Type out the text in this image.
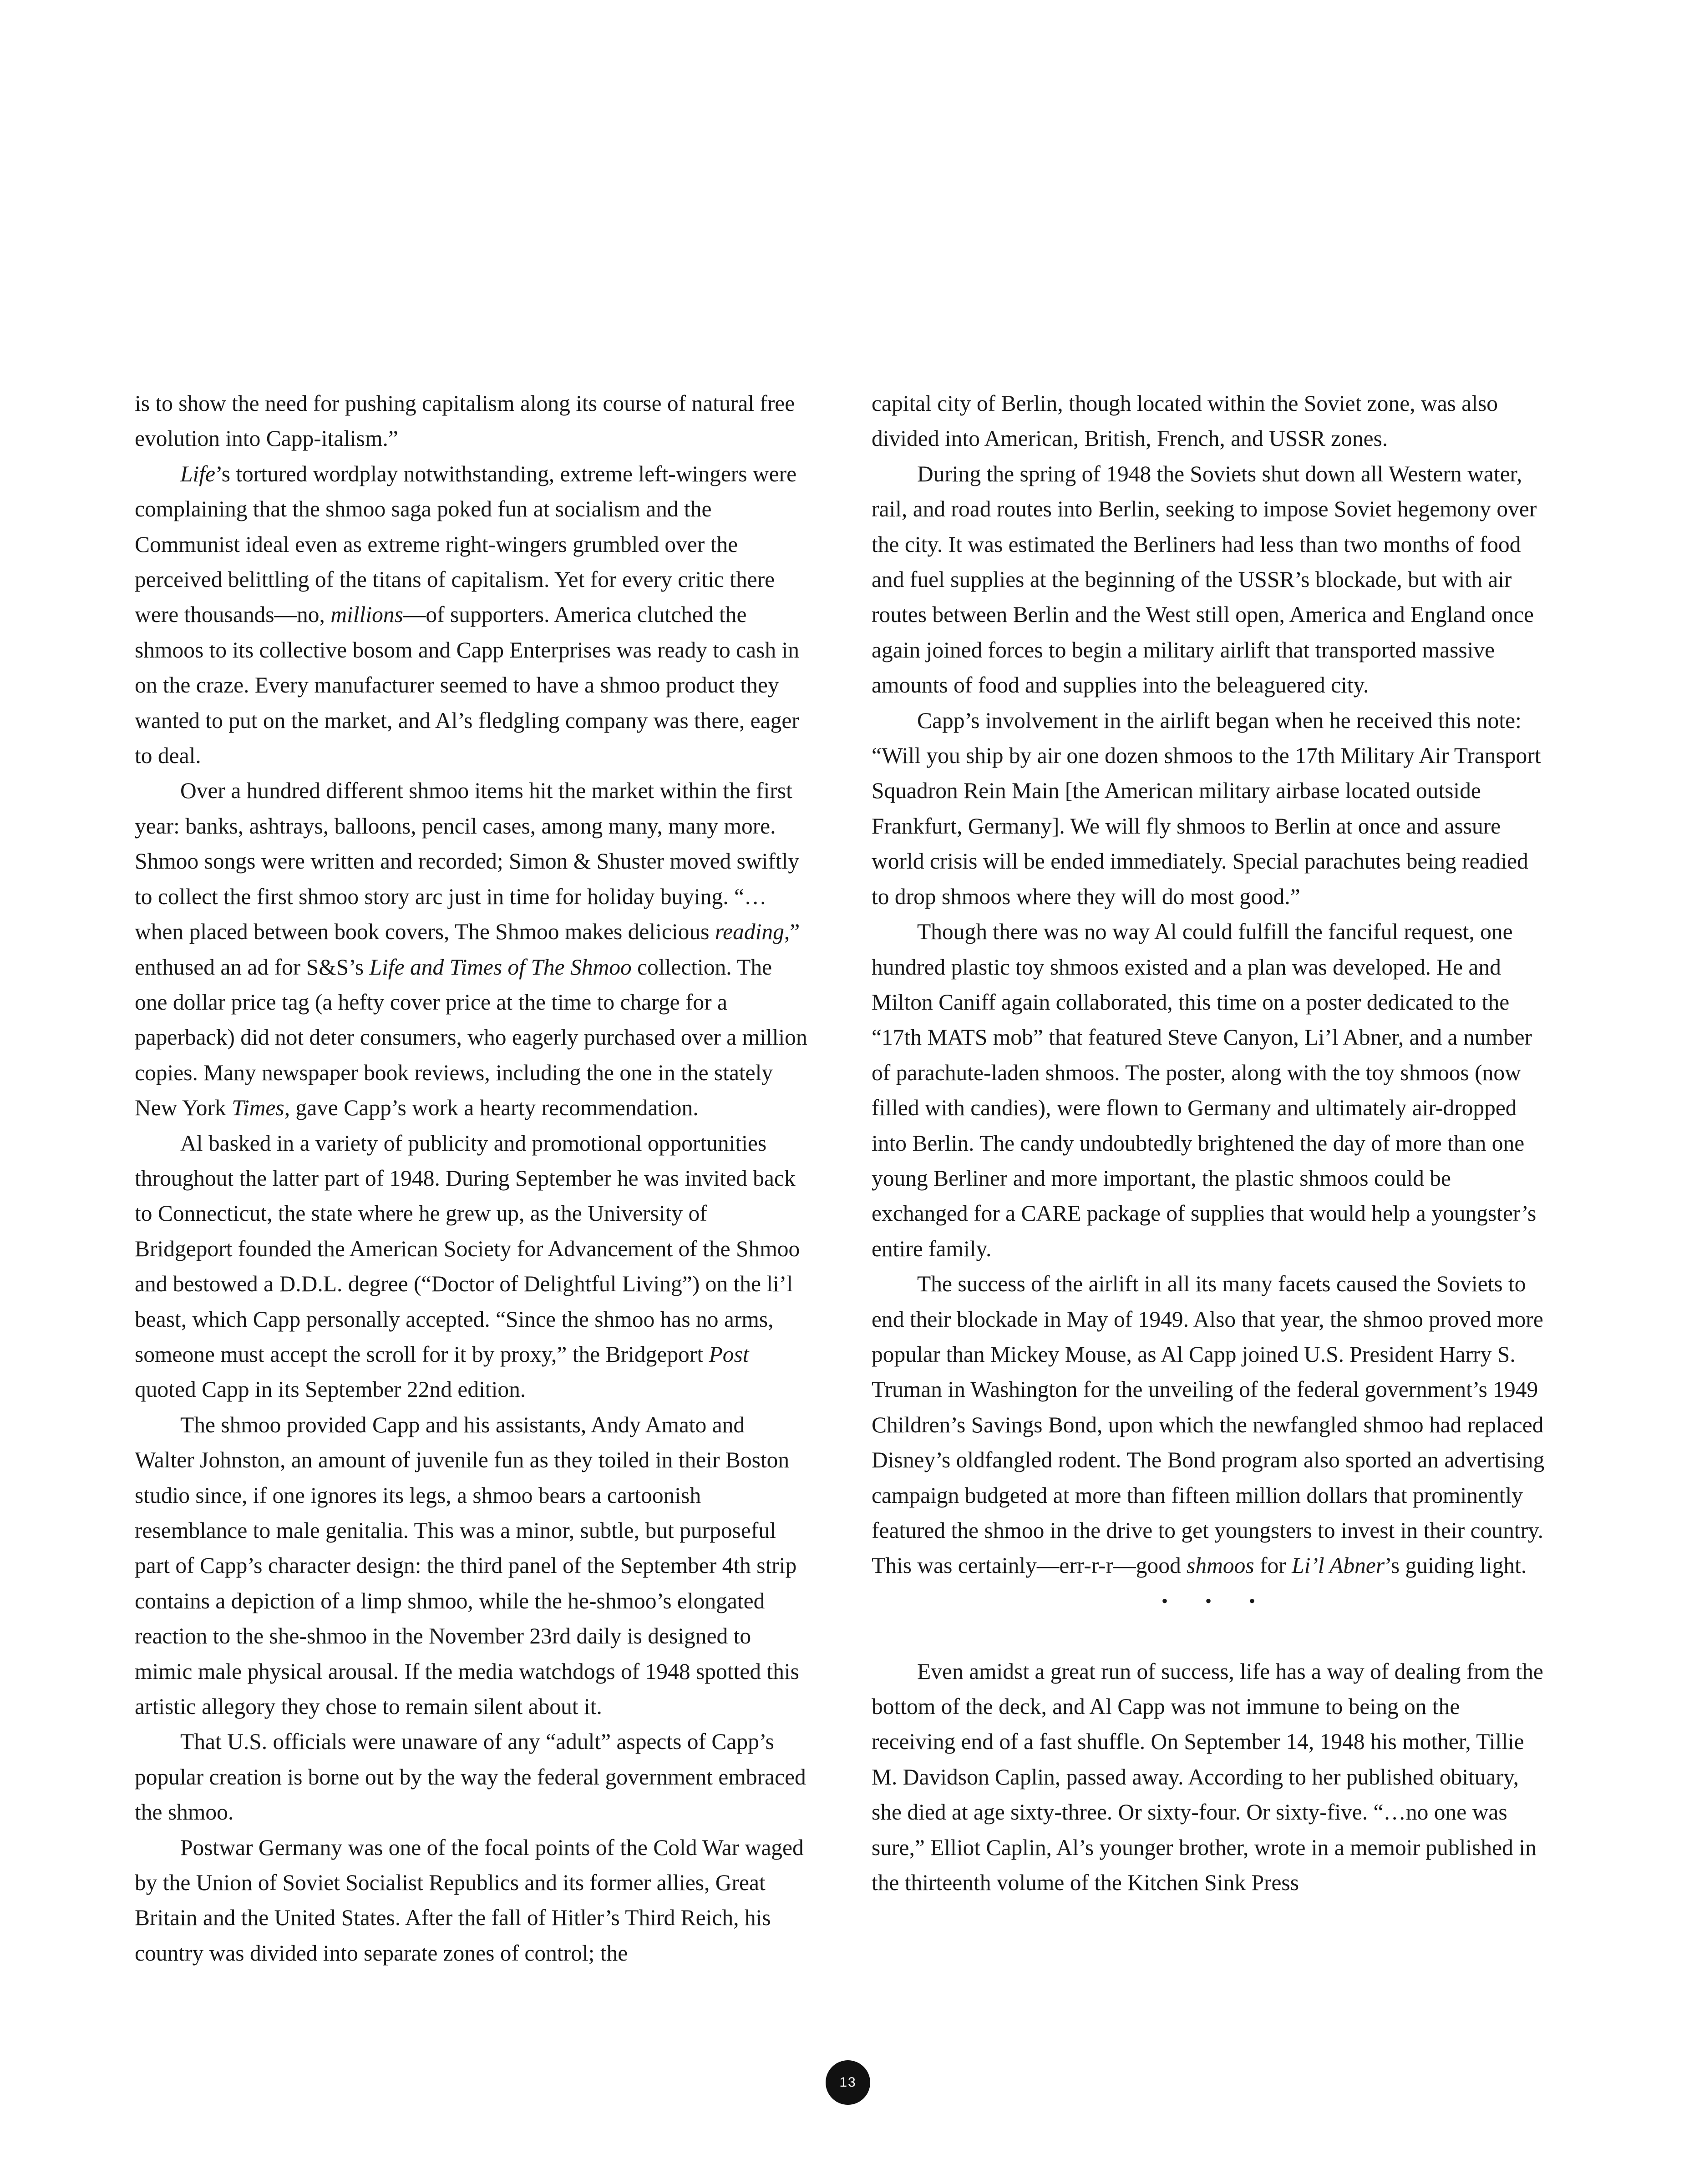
is to show the need for pushing capitalism along its course of natural free evolution into Capp-italism.”

Life’s tortured wordplay notwithstanding, extreme left-wingers were complaining that the shmoo saga poked fun at socialism and the Communist ideal even as extreme right-wingers grumbled over the perceived belittling of the titans of capitalism. Yet for every critic there were thousands—no, millions—of supporters. America clutched the shmoos to its collective bosom and Capp Enterprises was ready to cash in on the craze. Every manufacturer seemed to have a shmoo product they wanted to put on the market, and Al’s fledgling company was there, eager to deal.

Over a hundred different shmoo items hit the market within the first year: banks, ashtrays, balloons, pencil cases, among many, many more. Shmoo songs were written and recorded; Simon & Shuster moved swiftly to collect the first shmoo story arc just in time for holiday buying. “…when placed between book covers, The Shmoo makes delicious reading,” enthused an ad for S&S’s Life and Times of The Shmoo collection. The one dollar price tag (a hefty cover price at the time to charge for a paperback) did not deter consumers, who eagerly purchased over a million copies. Many newspaper book reviews, including the one in the stately New York Times, gave Capp’s work a hearty recommendation.

Al basked in a variety of publicity and promotional opportunities throughout the latter part of 1948. During September he was invited back to Connecticut, the state where he grew up, as the University of Bridgeport founded the American Society for Advancement of the Shmoo and bestowed a D.D.L. degree (“Doctor of Delightful Living”) on the li’l beast, which Capp personally accepted. “Since the shmoo has no arms, someone must accept the scroll for it by proxy,” the Bridgeport Post quoted Capp in its September 22nd edition.

The shmoo provided Capp and his assistants, Andy Amato and Walter Johnston, an amount of juvenile fun as they toiled in their Boston studio since, if one ignores its legs, a shmoo bears a cartoonish resemblance to male genitalia. This was a minor, subtle, but purposeful part of Capp’s character design: the third panel of the September 4th strip contains a depiction of a limp shmoo, while the he-shmoo’s elongated reaction to the she-shmoo in the November 23rd daily is designed to mimic male physical arousal. If the media watchdogs of 1948 spotted this artistic allegory they chose to remain silent about it.

That U.S. officials were unaware of any “adult” aspects of Capp’s popular creation is borne out by the way the federal government embraced the shmoo.

Postwar Germany was one of the focal points of the Cold War waged by the Union of Soviet Socialist Republics and its former allies, Great Britain and the United States. After the fall of Hitler’s Third Reich, his country was divided into separate zones of control; the

capital city of Berlin, though located within the Soviet zone, was also divided into American, British, French, and USSR zones.

During the spring of 1948 the Soviets shut down all Western water, rail, and road routes into Berlin, seeking to impose Soviet hegemony over the city. It was estimated the Berliners had less than two months of food and fuel supplies at the beginning of the USSR’s blockade, but with air routes between Berlin and the West still open, America and England once again joined forces to begin a military airlift that transported massive amounts of food and supplies into the beleaguered city.

Capp’s involvement in the airlift began when he received this note: “Will you ship by air one dozen shmoos to the 17th Military Air Transport Squadron Rein Main [the American military airbase located outside Frankfurt, Germany]. We will fly shmoos to Berlin at once and assure world crisis will be ended immediately. Special parachutes being readied to drop shmoos where they will do most good.”

Though there was no way Al could fulfill the fanciful request, one hundred plastic toy shmoos existed and a plan was developed. He and Milton Caniff again collaborated, this time on a poster dedicated to the “17th MATS mob” that featured Steve Canyon, Li’l Abner, and a number of parachute-laden shmoos. The poster, along with the toy shmoos (now filled with candies), were flown to Germany and ultimately air-dropped into Berlin. The candy undoubtedly brightened the day of more than one young Berliner and more important, the plastic shmoos could be exchanged for a CARE package of supplies that would help a youngster’s entire family.

The success of the airlift in all its many facets caused the Soviets to end their blockade in May of 1949. Also that year, the shmoo proved more popular than Mickey Mouse, as Al Capp joined U.S. President Harry S. Truman in Washington for the unveiling of the federal government’s 1949 Children’s Savings Bond, upon which the newfangled shmoo had replaced Disney’s oldfangled rodent. The Bond program also sported an advertising campaign budgeted at more than fifteen million dollars that prominently featured the shmoo in the drive to get youngsters to invest in their country. This was certainly—err-r-r—good shmoos for Li’l Abner’s guiding light.

• • •

Even amidst a great run of success, life has a way of dealing from the bottom of the deck, and Al Capp was not immune to being on the receiving end of a fast shuffle. On September 14, 1948 his mother, Tillie M. Davidson Caplin, passed away. According to her published obituary, she died at age sixty-three. Or sixty-four. Or sixty-five. “…no one was sure,” Elliot Caplin, Al’s younger brother, wrote in a memoir published in the thirteenth volume of the Kitchen Sink Press

13
